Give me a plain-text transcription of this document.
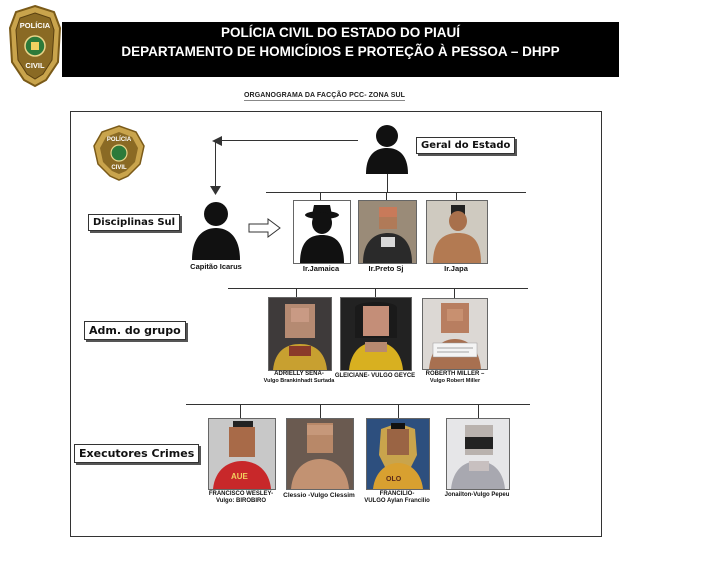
POLÍCIA
CIVIL
POLÍCIA CIVIL DO ESTADO DO PIAUÍ
DEPARTAMENTO DE HOMICÍDIOS E PROTEÇÃO À PESSOA – DHPP
ORGANOGRAMA DA FACÇÃO PCC- ZONA SUL
POLÍCIA
CIVIL
Geral do Estado
Disciplinas Sul
Capitão Icarus	Ir.Jamaica	Ir.Preto Sj	Ir.Japa
Adm. do grupo
ADRIELLY SENA-
Vulgo Brankinhadt Surtada
GLEICIANE- VULGO GEYCE	ROBERTH MILLER –
Vulgo Robert Miller
Executores Crimes
AUE
FRANCISCO WESLEY-
Vulgo: BIROBIRO
Clessio -Vulgo Clessim
OLO
FRANCILIO-
VULGO Aylan Francilio
Jonailton-Vulgo Pepeu
